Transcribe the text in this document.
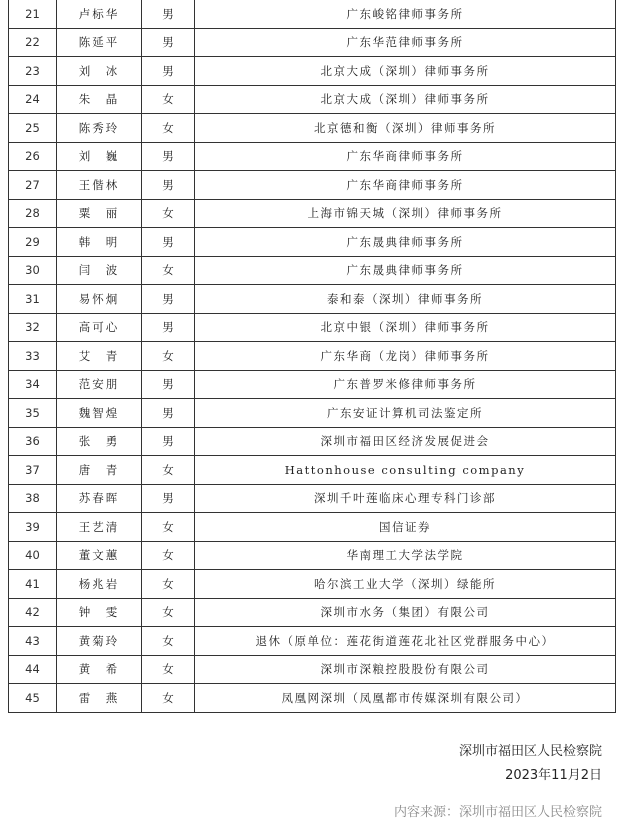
21	卢标华	男	广东峻铭律师事务所
22	陈延平	男	广东华范律师事务所
23	刘　冰	男	北京大成（深圳）律师事务所
24	朱　晶	女	北京大成（深圳）律师事务所
25	陈秀玲	女	北京德和衡（深圳）律师事务所
26	刘　巍	男	广东华商律师事务所
27	王偕林	男	广东华商律师事务所
28	粟　丽	女	上海市锦天城（深圳）律师事务所
29	韩　明	男	广东晟典律师事务所
30	闫　波	女	广东晟典律师事务所
31	易怀炯	男	泰和泰（深圳）律师事务所
32	高可心	男	北京中银（深圳）律师事务所
33	艾　青	女	广东华商（龙岗）律师事务所
34	范安朋	男	广东普罗米修律师事务所
35	魏智煌	男	广东安证计算机司法鉴定所
36	张　勇	男	深圳市福田区经济发展促进会
37	唐　青	女	Hattonhouse consulting company
38	苏春晖	男	深圳千叶莲临床心理专科门诊部
39	王艺清	女	国信证券
40	董文蕙	女	华南理工大学法学院
41	杨兆岩	女	哈尔滨工业大学（深圳）绿能所
42	钟　雯	女	深圳市水务（集团）有限公司
43	黄菊玲	女	退休（原单位：莲花街道莲花北社区党群服务中心）
44	黄　希	女	深圳市深粮控股股份有限公司
45	雷　燕	女	凤凰网深圳（凤凰都市传媒深圳有限公司）
深圳市福田区人民检察院
2023年11月2日
内容来源：深圳市福田区人民检察院
